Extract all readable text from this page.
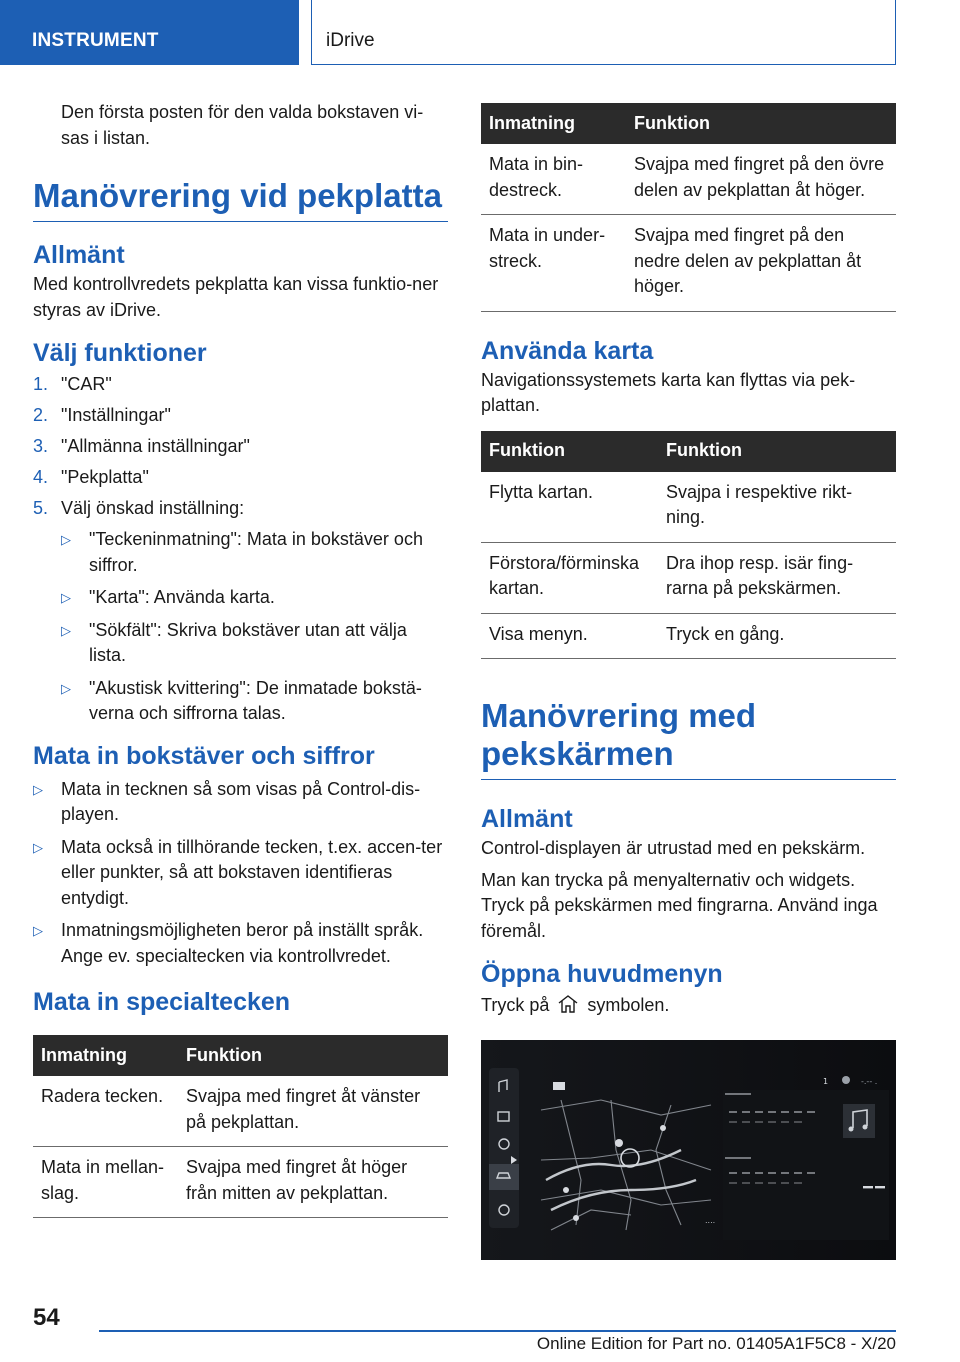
INSTRUMENT	iDrive

Den första posten för den valda bokstaven vi-sas i listan.

Manövrering vid pekplatta
Allmänt

Med kontrollvredets pekplatta kan vissa funktio-ner styras av iDrive.

Välj funktioner
1. "CAR"
2. "Inställningar"
3. "Allmänna inställningar"
4. "Pekplatta"
5. Välj önskad inställning:
▷	"Teckeninmatning": Mata in bokstäver och siffror.
▷	"Karta": Använda karta.
▷	"Sökfält": Skriva bokstäver utan att välja lista.
▷	"Akustisk kvittering": De inmatade bokstä-verna och siffrorna talas.
Mata in bokstäver och siffror
▷	Mata in tecknen så som visas på Control-dis-playen.
▷	Mata också in tillhörande tecken, t.ex. accen-ter eller punkter, så att bokstaven identifieras entydigt.
▷	Inmatningsmöjligheten beror på inställt språk. Ange ev. specialtecken via kontrollvredet.
Mata in specialtecken
Inmatning	Funktion
Radera tecken.	Svajpa med fingret åt vänster på pekplattan.
Mata in mellan-slag.	Svajpa med fingret åt höger från mitten av pekplattan.
Inmatning	Funktion
Mata in bin-destreck.	Svajpa med fingret på den övre delen av pekplattan åt höger.
Mata in under-streck.	Svajpa med fingret på den nedre delen av pekplattan åt höger.
Använda karta

Navigationssystemets karta kan flyttas via pek-plattan.

Funktion	Funktion
Flytta kartan.	Svajpa i respektive rikt-ning.
Förstora/förminska kartan.	Dra ihop resp. isär fing-rarna på pekskärmen.
Visa menyn.	Tryck en gång.
Manövrering med pekskärmen
Allmänt

Control-displayen är utrustad med en pekskärm.

Man kan trycka på menyalternativ och widgets. Tryck på pekskärmen med fingrarna. Använd inga föremål.

Öppna huvudmenyn

Tryck på symbolen.

1	-.-- .
....
54
Online Edition for Part no. 01405A1F5C8 - X/20
